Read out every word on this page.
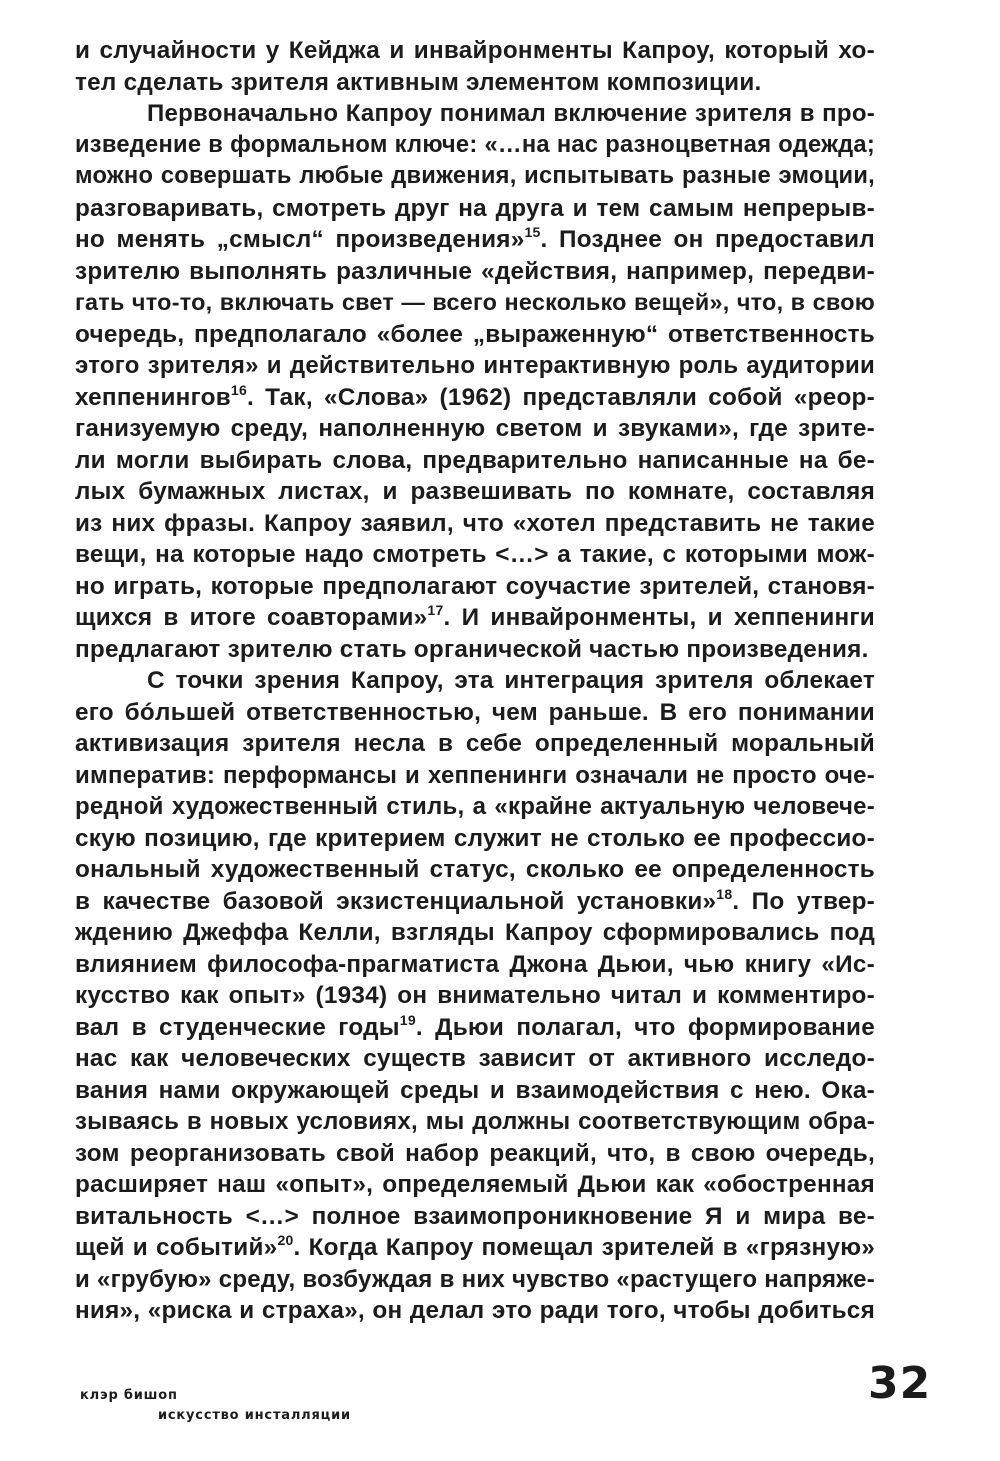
и случайности у Кейджа и инвайронменты Капроу, который хо-
тел сделать зрителя активным элементом композиции.
Первоначально Капроу понимал включение зрителя в про-
изведение в формальном ключе: «…на нас разноцветная одежда;
можно совершать любые движения, испытывать разные эмоции,
разговаривать, смотреть друг на друга и тем самым непрерыв-
но менять „смысл“ произведения»$^{15}$. Позднее он предоставил
зрителю выполнять различные «действия, например, передви-
гать что-то, включать свет — всего несколько вещей», что, в свою
очередь, предполагало «более „выраженную“ ответственность
этого зрителя» и действительно интерактивную роль аудитории
хеппенингов$^{16}$. Так, «Слова» (1962) представляли собой «реор-
ганизуемую среду, наполненную светом и звуками», где зрите-
ли могли выбирать слова, предварительно написанные на бе-
лых бумажных листах, и развешивать по комнате, составляя
из них фразы. Капроу заявил, что «хотел представить не такие
вещи, на которые надо смотреть <…> а такие, с которыми мож-
но играть, которые предполагают соучастие зрителей, становя-
щихся в итоге соавторами»$^{17}$. И инвайронменты, и хеппенинги
предлагают зрителю стать органической частью произведения.
С точки зрения Капроу, эта интеграция зрителя облекает
его бóльшей ответственностью, чем раньше. В его понимании
активизация зрителя несла в себе определенный моральный
императив: перформансы и хеппенинги означали не просто оче-
редной художественный стиль, а «крайне актуальную человече-
скую позицию, где критерием служит не столько ее профессио-
ональный художественный статус, сколько ее определенность
в качестве базовой экзистенциальной установки»$^{18}$. По утвер-
ждению Джеффа Келли, взгляды Капроу сформировались под
влиянием философа-прагматиста Джона Дьюи, чью книгу «Ис-
кусство как опыт» (1934) он внимательно читал и комментиро-
вал в студенческие годы$^{19}$. Дьюи полагал, что формирование
нас как человеческих существ зависит от активного исследо-
вания нами окружающей среды и взаимодействия с нею. Ока-
зываясь в новых условиях, мы должны соответствующим обра-
зом реорганизовать свой набор реакций, что, в свою очередь,
расширяет наш «опыт», определяемый Дьюи как «обостренная
витальность <…> полное взаимопроникновение Я и мира ве-
щей и событий»$^{20}$. Когда Капроу помещал зрителей в «грязную»
и «грубую» среду, возбуждая в них чувство «растущего напряже-
ния», «риска и страха», он делал это ради того, чтобы добиться
клэр бишоп
искусство инсталляции
32
